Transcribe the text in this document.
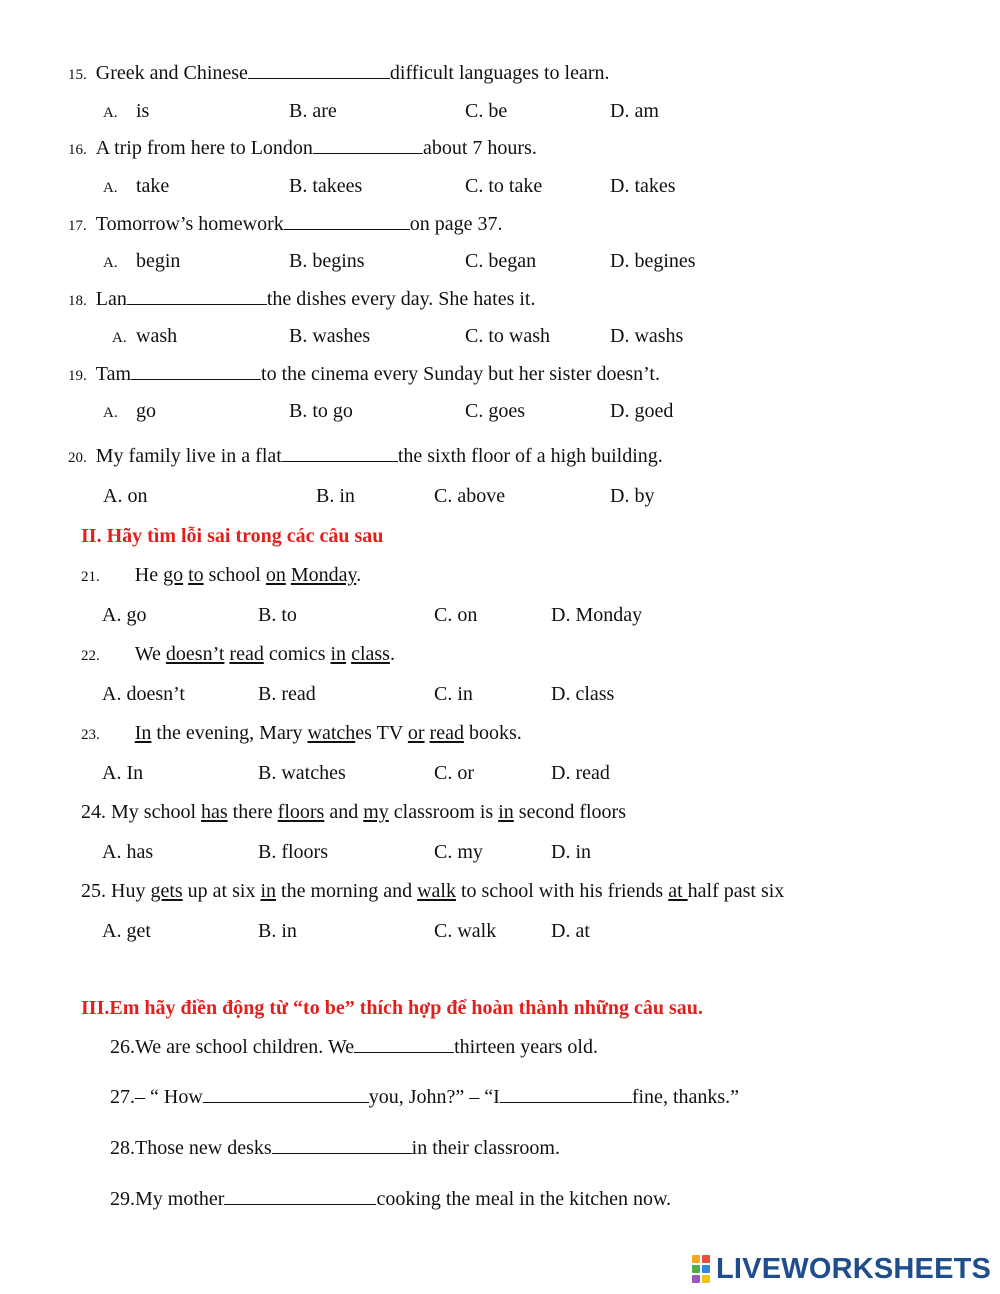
15. Greek and Chinese	difficult languages to learn.
A. is	B. are	C. be	D. am
16. A trip from here to London	about 7 hours.
A. take	B. takees	C. to take	D. takes
17. Tomorrow’s homework	on page 37.
A. begin	B. begins	C. began	D. begines
18. Lan	the dishes every day. She hates it.
A. wash	B. washes	C. to wash	D. washs
19. Tam	to the cinema every Sunday but her sister doesn’t.
A. go	B. to go	C. goes	D. goed
20. My family live in a flat	the sixth floor of a high building.
A. on	B. in	C. above	D. by
II. Hãy tìm lỗi sai trong các câu sau
21. He go to school on Monday.
A. go	B. to	C. on	D. Monday
22. We doesn’t read comics in class.
A. doesn’t	B. read	C. in	D. class
23. In the evening, Mary watches TV or read books.
A. In	B. watches	C. or	D. read
24. My school has there floors and my classroom is in second floors
A. has	B. floors	C. my	D. in
25. Huy gets up at six in the morning and walk to school with his friends at half past six
A. get	B. in	C. walk	D. at
III.Em hãy điền động từ “to be” thích hợp để hoàn thành những câu sau.
26.We are school children. We	thirteen years old.
27.– “ How	you, John?” – “I	fine, thanks.”
28.Those new desks	in their classroom.
29.My mother	cooking the meal in the kitchen now.
LIVEWORKSHEETS
